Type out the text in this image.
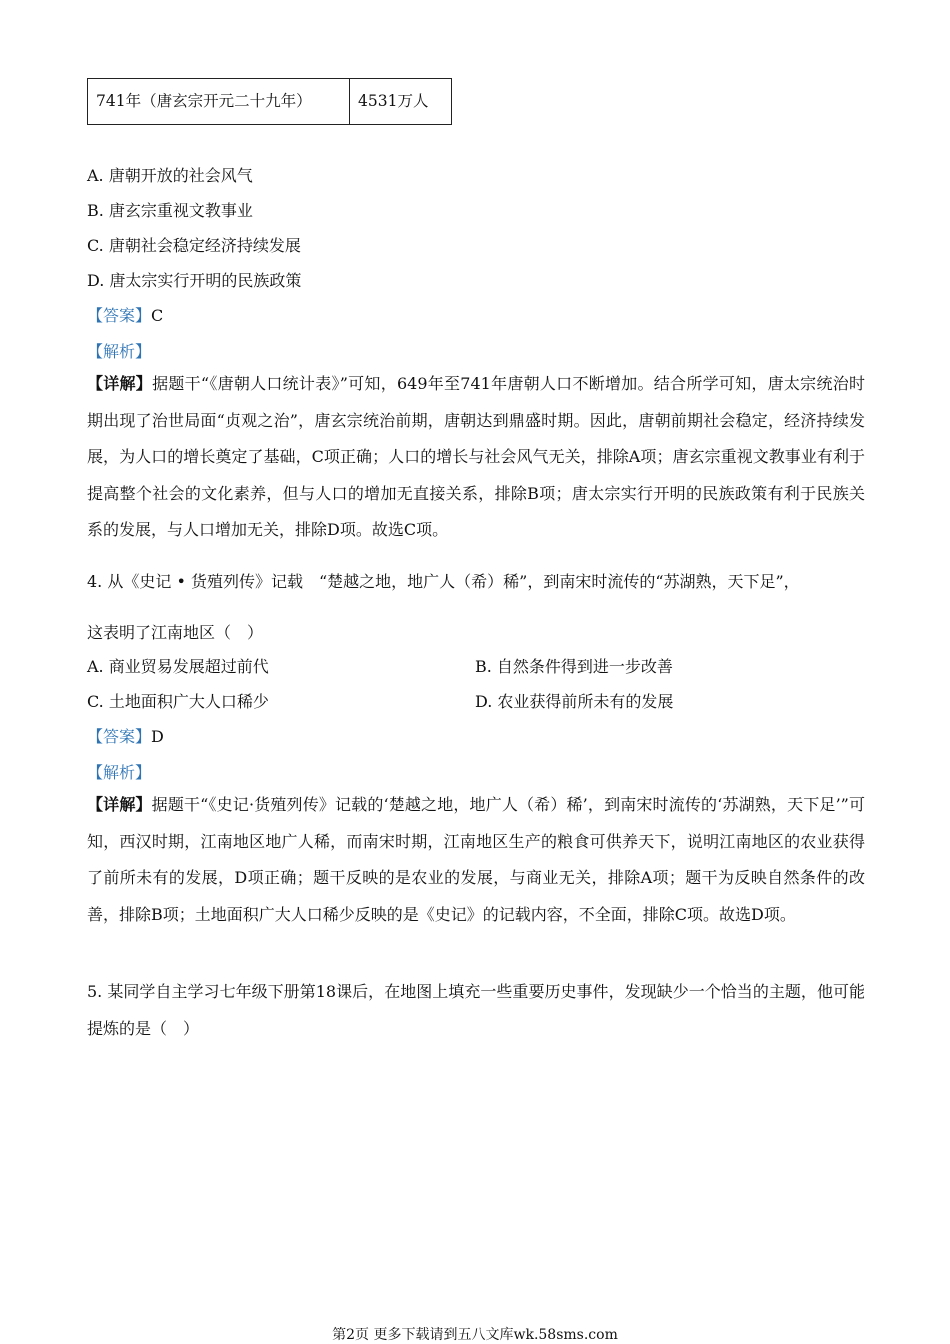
741年（唐玄宗开元二十九年）	4531万人
A. 唐朝开放的社会风气
B. 唐玄宗重视文教事业
C. 唐朝社会稳定经济持续发展
D. 唐太宗实行开明的民族政策
【答案】C
【解析】
【详解】据题干“《唐朝人口统计表》”可知，649年至741年唐朝人口不断增加。结合所学可知，唐太宗统治时期出现了治世局面“贞观之治”，唐玄宗统治前期，唐朝达到鼎盛时期。因此，唐朝前期社会稳定，经济持续发展，为人口的增长奠定了基础，C项正确；人口的增长与社会风气无关，排除A项；唐玄宗重视文教事业有利于提高整个社会的文化素养，但与人口的增加无直接关系，排除B项；唐太宗实行开明的民族政策有利于民族关系的发展，与人口增加无关，排除D项。故选C项。
4. 从《史记 • 货殖列传》记载　“楚越之地，地广人（希）稀”，到南宋时流传的“苏湖熟，天下足”，
这表明了江南地区（　）
A. 商业贸易发展超过前代	B. 自然条件得到进一步改善
C. 土地面积广大人口稀少	D. 农业获得前所未有的发展
【答案】D
【解析】
【详解】据题干“《史记·货殖列传》记载的‘楚越之地，地广人（希）稀’，到南宋时流传的‘苏湖熟，天下足’”可知，西汉时期，江南地区地广人稀，而南宋时期，江南地区生产的粮食可供养天下，说明江南地区的农业获得了前所未有的发展，D项正确；题干反映的是农业的发展，与商业无关，排除A项；题干为反映自然条件的改善，排除B项；土地面积广大人口稀少反映的是《史记》的记载内容，不全面，排除C项。故选D项。
5. 某同学自主学习七年级下册第18课后，在地图上填充一些重要历史事件，发现缺少一个恰当的主题，他可能提炼的是（　）
第2页 更多下载请到五八文库wk.58sms.com
